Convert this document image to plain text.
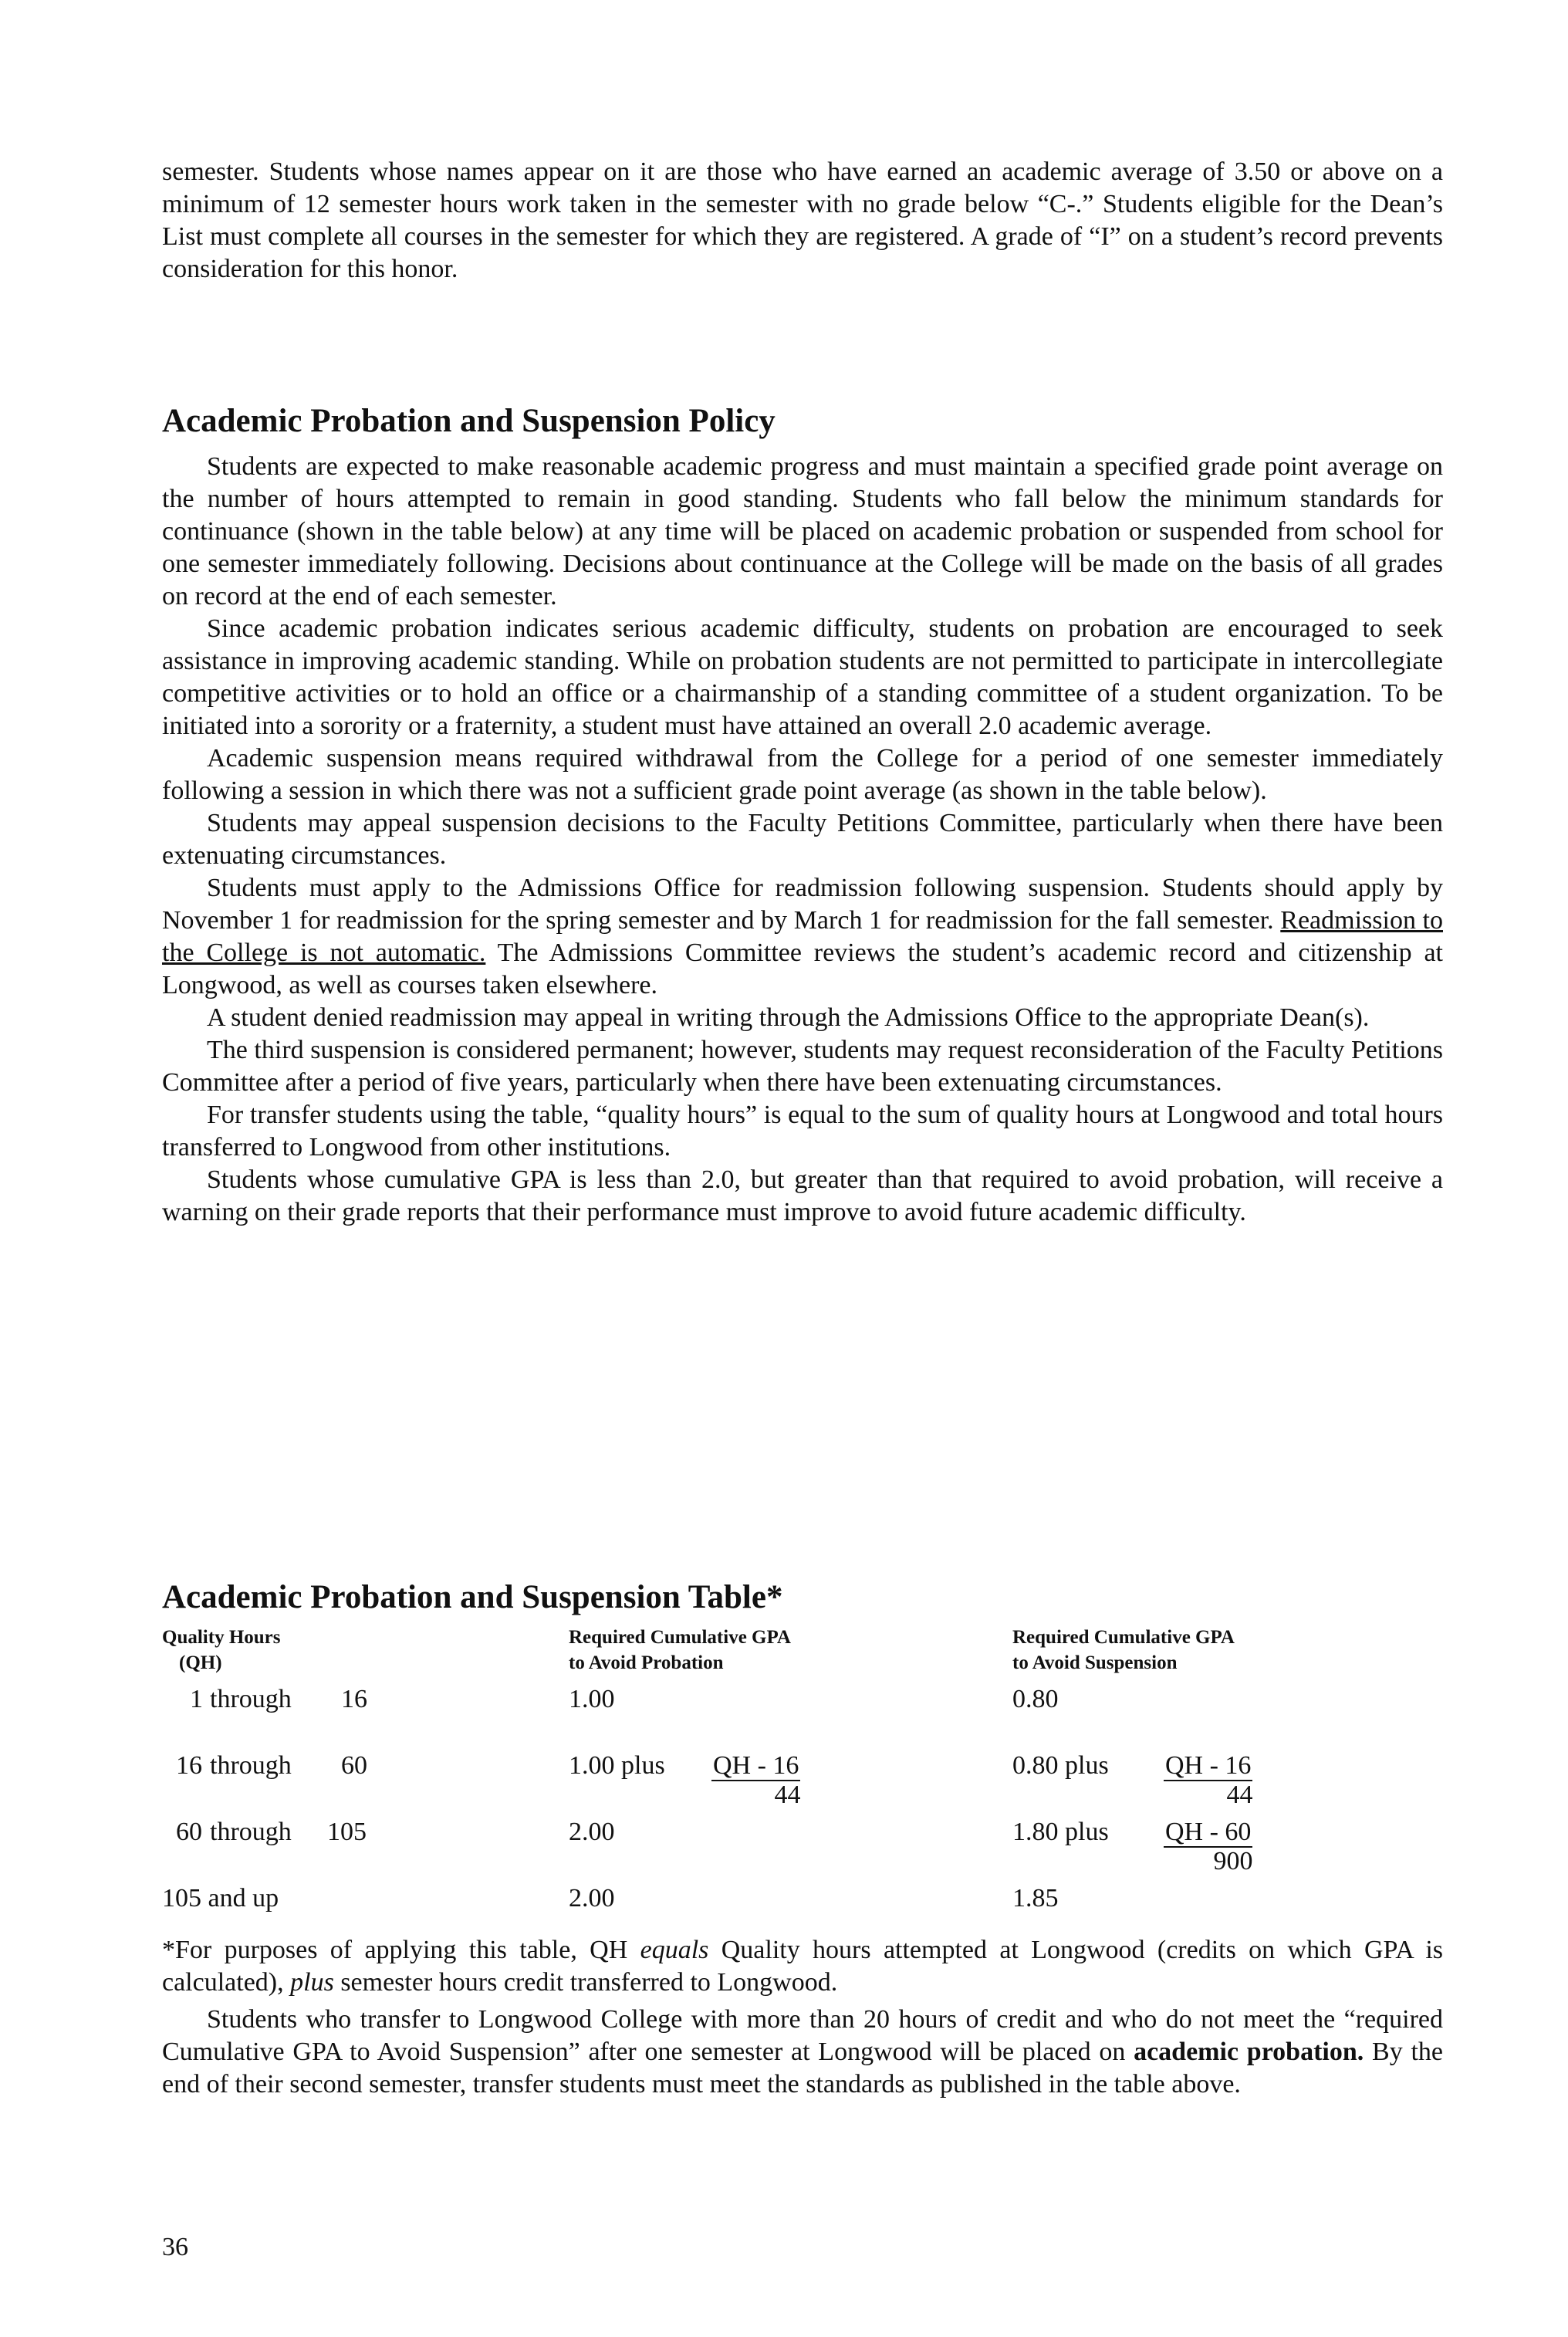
semester. Students whose names appear on it are those who have earned an academic average of 3.50 or above on a minimum of 12 semester hours work taken in the semester with no grade below “C-.” Students eligible for the Dean’s List must complete all courses in the semester for which they are registered. A grade of “I” on a student’s record prevents consideration for this honor.

Academic Probation and Suspension Policy

Students are expected to make reasonable academic progress and must maintain a specified grade point average on the number of hours attempted to remain in good standing. Students who fall below the minimum standards for continuance (shown in the table below) at any time will be placed on academic probation or suspended from school for one semester immediately following. Decisions about continuance at the College will be made on the basis of all grades on record at the end of each semester.

Since academic probation indicates serious academic difficulty, students on probation are encouraged to seek assistance in improving academic standing. While on probation students are not permitted to participate in intercollegiate competitive activities or to hold an office or a chairmanship of a standing committee of a student organization. To be initiated into a sorority or a fraternity, a student must have attained an overall 2.0 academic average.

Academic suspension means required withdrawal from the College for a period of one semester immediately following a session in which there was not a sufficient grade point average (as shown in the table below).

Students may appeal suspension decisions to the Faculty Petitions Committee, particularly when there have been extenuating circumstances.

Students must apply to the Admissions Office for readmission following suspension. Students should apply by November 1 for readmission for the spring semester and by March 1 for readmission for the fall semester. Readmission to the College is not automatic. The Admissions Committee reviews the student’s academic record and citizenship at Longwood, as well as courses taken elsewhere.

A student denied readmission may appeal in writing through the Admissions Office to the appropriate Dean(s).

The third suspension is considered permanent; however, students may request reconsideration of the Faculty Petitions Committee after a period of five years, particularly when there have been extenuating circumstances.

For transfer students using the table, “quality hours” is equal to the sum of quality hours at Longwood and total hours transferred to Longwood from other institutions.

Students whose cumulative GPA is less than 2.0, but greater than that required to avoid probation, will receive a warning on their grade reports that their performance must improve to avoid future academic difficulty.

Academic Probation and Suspension Table*
Quality Hours
(QH)
Required Cumulative GPA
to Avoid Probation
Required Cumulative GPA
to Avoid Suspension
1 through 16	1.00	0.80
16 through 60	1.00 plus $\frac{QH - 16}{44}$	0.80 plus $\frac{QH - 16}{44}$
60 through 105	2.00	1.80 plus $\frac{QH - 60}{900}$
105 and up	2.00	1.85

*For purposes of applying this table, QH equals Quality hours attempted at Longwood (credits on which GPA is calculated), plus semester hours credit transferred to Longwood.

Students who transfer to Longwood College with more than 20 hours of credit and who do not meet the “required Cumulative GPA to Avoid Suspension” after one semester at Longwood will be placed on academic probation. By the end of their second semester, transfer students must meet the standards as published in the table above.

36
